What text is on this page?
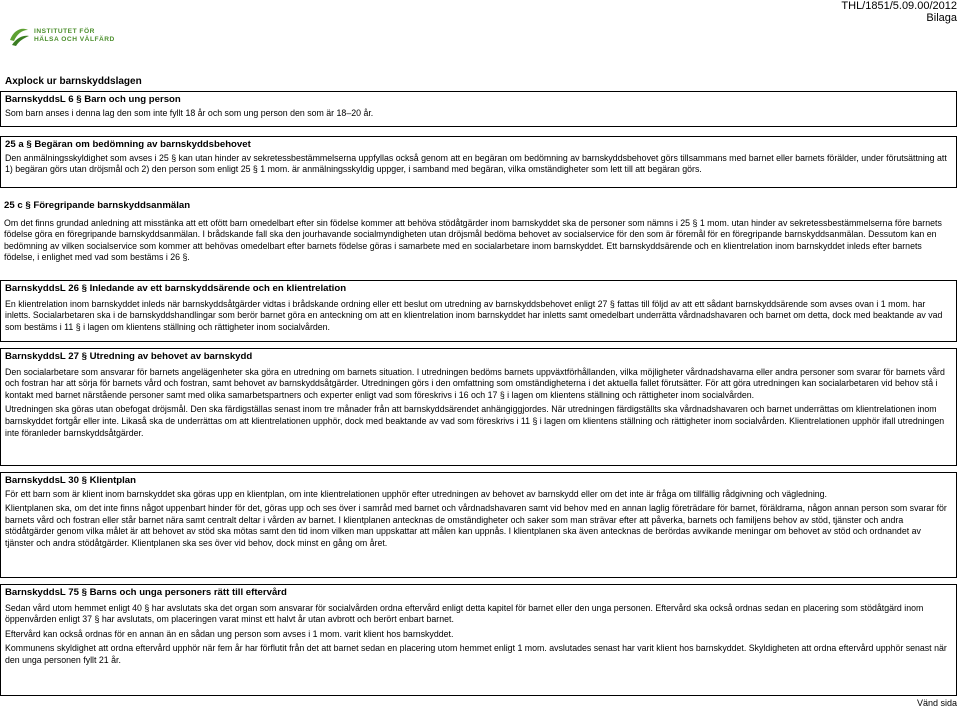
INSTITUTET FÖR
HÄLSA OCH VÄLFÄRD
THL/1851/5.09.00/2012
Bilaga
Axplock ur barnskyddslagen
BarnskyddsL 6 § Barn och ung person

Som barn anses i denna lag den som inte fyllt 18 år och som ung person den som är 18–20 år.

25 a § Begäran om bedömning av barnskyddsbehovet

Den anmälningsskyldighet som avses i 25 § kan utan hinder av sekretessbestämmelserna uppfyllas också genom att en begäran om bedömning av barnskyddsbehovet görs tillsammans med barnet eller barnets förälder, under förutsättning att 1) begäran görs utan dröjsmål och 2) den person som enligt 25 § 1 mom. är anmälningsskyldig uppger, i samband med begäran, vilka omständigheter som lett till att begäran görs.

25 c § Föregripande barnskyddsanmälan

Om det finns grundad anledning att misstänka att ett ofött barn omedelbart efter sin födelse kommer att behöva stödåtgärder inom barnskyddet ska de personer som nämns i 25 § 1 mom. utan hinder av sekretessbestämmelserna före barnets födelse göra en föregripande barnskyddsanmälan. I brådskande fall ska den jourhavande socialmyndigheten utan dröjsmål bedöma behovet av socialservice för den som är föremål för en föregripande barnskyddsanmälan. Dessutom kan en bedömning av vilken socialservice som kommer att behövas omedelbart efter barnets födelse göras i samarbete med en socialarbetare inom barnskyddet. Ett barnskyddsärende och en klientrelation inom barnskyddet inleds efter barnets födelse, i enlighet med vad som bestäms i 26 §.

BarnskyddsL 26 § Inledande av ett barnskyddsärende och en klientrelation

En klientrelation inom barnskyddet inleds när barnskyddsåtgärder vidtas i brådskande ordning eller ett beslut om utredning av barnskyddsbehovet enligt 27 § fattas till följd av att ett sådant barnskyddsärende som avses ovan i 1 mom. har inletts. Socialarbetaren ska i de barnskyddshandlingar som berör barnet göra en anteckning om att en klientrelation inom barnskyddet har inletts samt omedelbart underrätta vårdnadshavaren och barnet om detta, dock med beaktande av vad som bestäms i 11 § i lagen om klientens ställning och rättigheter inom socialvården.

BarnskyddsL 27 § Utredning av behovet av barnskydd

Den socialarbetare som ansvarar för barnets angelägenheter ska göra en utredning om barnets situation. I utredningen bedöms barnets uppväxtförhållanden, vilka möjligheter vårdnadshavarna eller andra personer som svarar för barnets vård och fostran har att sörja för barnets vård och fostran, samt behovet av barnskyddsåtgärder. Utredningen görs i den omfattning som omständigheterna i det aktuella fallet förutsätter. För att göra utredningen kan socialarbetaren vid behov stå i kontakt med barnet närstående personer samt med olika samarbetspartners och experter enligt vad som föreskrivs i 16 och 17 § i lagen om klientens ställning och rättigheter inom socialvården.

Utredningen ska göras utan obefogat dröjsmål. Den ska färdigställas senast inom tre månader från att barnskyddsärendet anhängiggjordes. När utredningen färdigställts ska vårdnadshavaren och barnet underrättas om klientrelationen inom barnskyddet fortgår eller inte. Likaså ska de underrättas om att klientrelationen upphör, dock med beaktande av vad som föreskrivs i 11 § i lagen om klientens ställning och rättigheter inom socialvården. Klientrelationen upphör ifall utredningen inte föranleder barnskyddsåtgärder.

BarnskyddsL 30 § Klientplan

För ett barn som är klient inom barnskyddet ska göras upp en klientplan, om inte klientrelationen upphör efter utredningen av behovet av barnskydd eller om det inte är fråga om tillfällig rådgivning och vägledning.

Klientplanen ska, om det inte finns något uppenbart hinder för det, göras upp och ses över i samråd med barnet och vårdnadshavaren samt vid behov med en annan laglig företrädare för barnet, föräldrarna, någon annan person som svarar för barnets vård och fostran eller står barnet nära samt centralt deltar i vården av barnet. I klientplanen antecknas de omständigheter och saker som man strävar efter att påverka, barnets och familjens behov av stöd, tjänster och andra stödåtgärder genom vilka målet är att behovet av stöd ska mötas samt den tid inom vilken man uppskattar att målen kan uppnås. I klientplanen ska även antecknas de berördas avvikande meningar om behovet av stöd och ordnandet av tjänster och andra stödåtgärder. Klientplanen ska ses över vid behov, dock minst en gång om året.

BarnskyddsL 75 § Barns och unga personers rätt till eftervård

Sedan vård utom hemmet enligt 40 § har avslutats ska det organ som ansvarar för socialvården ordna eftervård enligt detta kapitel för barnet eller den unga personen. Eftervård ska också ordnas sedan en placering som stödåtgärd inom öppenvården enligt 37 § har avslutats, om placeringen varat minst ett halvt år utan avbrott och berört enbart barnet.

Eftervård kan också ordnas för en annan än en sådan ung person som avses i 1 mom. varit klient hos barnskyddet.

Kommunens skyldighet att ordna eftervård upphör när fem år har förflutit från det att barnet sedan en placering utom hemmet enligt 1 mom. avslutades senast har varit klient hos barnskyddet. Skyldigheten att ordna eftervård upphör senast när den unga personen fyllt 21 år.

Vänd sida
